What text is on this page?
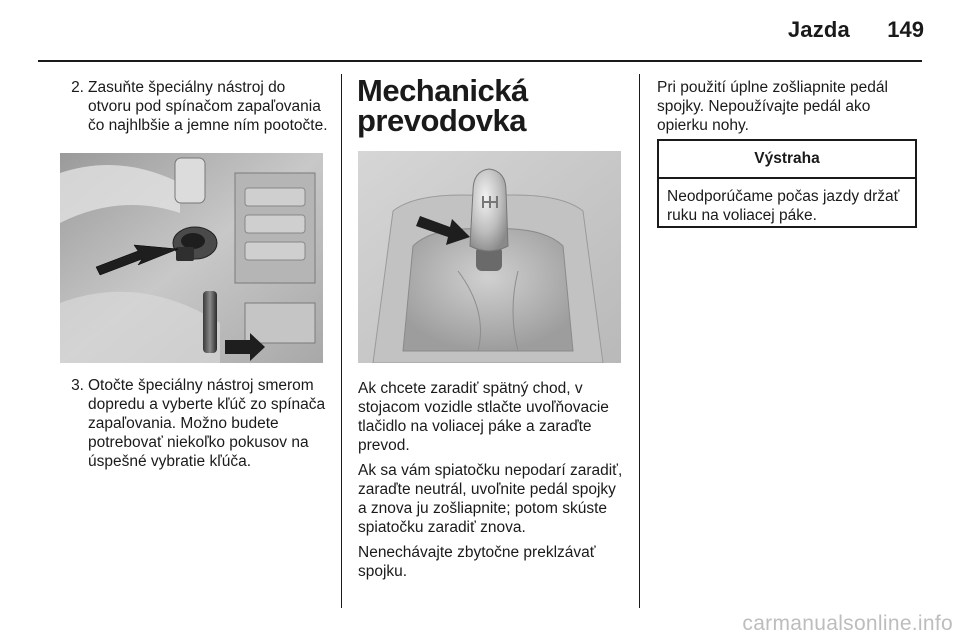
Jazda	149
2. Zasuňte špeciálny nástroj do otvoru pod spínačom zapaľovania čo najhlbšie a jemne ním pootočte.
3. Otočte špeciálny nástroj smerom dopredu a vyberte kľúč zo spínača zapaľovania. Možno budete potrebovať niekoľko pokusov na úspešné vybratie kľúča.
Mechanická
prevodovka

Ak chcete zaradiť spätný chod, v stojacom vozidle stlačte uvoľňovacie tlačidlo na voliacej páke a zaraďte prevod.

Ak sa vám spiatočku nepodarí zaradiť, zaraďte neutrál, uvoľnite pedál spojky a znova ju zošliapnite; potom skúste spiatočku zaradiť znova.

Nenechávajte zbytočne preklzávať spojku.

Pri použití úplne zošliapnite pedál spojky. Nepoužívajte pedál ako opierku nohy.

Výstraha
Neodporúčame počas jazdy držať ruku na voliacej páke.
carmanualsonline.info
